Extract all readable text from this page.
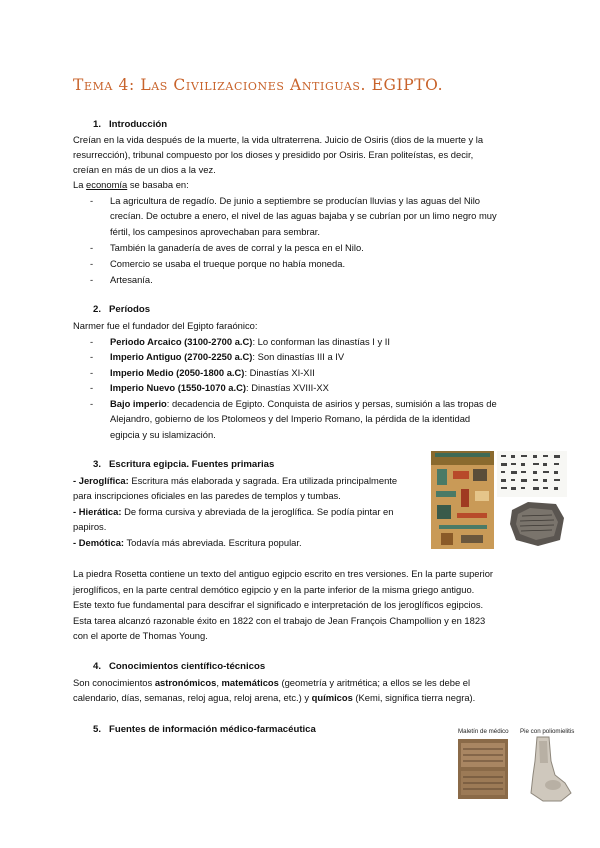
Tema 4: Las Civilizaciones Antiguas. EGIPTO.
1. Introducción
Creían en la vida después de la muerte, la vida ultraterrena. Juicio de Osiris (dios de la muerte y la
resurrección), tribunal compuesto por los dioses y presidido por Osiris. Eran politeístas, es decir,
creían en más de un dios a la vez.
La economía se basaba en:
- La agricultura de regadío. De junio a septiembre se producían lluvias y las aguas del Nilo
crecían. De octubre a enero, el nivel de las aguas bajaba y se cubrían por un limo negro muy
fértil, los campesinos aprovechaban para sembrar.
- También la ganadería de aves de corral y la pesca en el Nilo.
- Comercio se usaba el trueque porque no había moneda.
- Artesanía.
2. Períodos
Narmer fue el fundador del Egipto faraónico:
- Periodo Arcaico (3100-2700 a.C): Lo conforman las dinastías I y II
- Imperio Antiguo (2700-2250 a.C): Son dinastías III a IV
- Imperio Medio (2050-1800 a.C): Dinastías XI-XII
- Imperio Nuevo (1550-1070 a.C): Dinastías XVIII-XX
- Bajo imperio: decadencia de Egipto. Conquista de asirios y persas, sumisión a las tropas de
Alejandro, gobierno de los Ptolomeos y del Imperio Romano, la pérdida de la identidad
egipcia y su islamización.
3. Escritura egipcia. Fuentes primarias
- Jeroglífica: Escritura más elaborada y sagrada. Era utilizada principalmente
para inscripciones oficiales en las paredes de templos y tumbas.
- Hierática: De forma cursiva y abreviada de la jeroglífica. Se podía pintar en
papiros.
- Demótica: Todavía más abreviada. Escritura popular.
La piedra Rosetta contiene un texto del antiguo egipcio escrito en tres versiones. En la parte superior
jeroglíficos, en la parte central demótico egipcio y en la parte inferior de la misma griego antiguo.
Este texto fue fundamental para descifrar el significado e interpretación de los jeroglíficos egipcios.
Esta tarea alcanzó razonable éxito en 1822 con el trabajo de Jean François Champollion y en 1823
con el aporte de Thomas Young.
4. Conocimientos científico-técnicos
Son conocimientos astronómicos, matemáticos (geometría y aritmética; a ellos se les debe el
calendario, días, semanas, reloj agua, reloj arena, etc.) y químicos (Kemi, significa tierra negra).
5. Fuentes de información médico-farmacéutica	Maletín de médico Pie con poliomielitis
